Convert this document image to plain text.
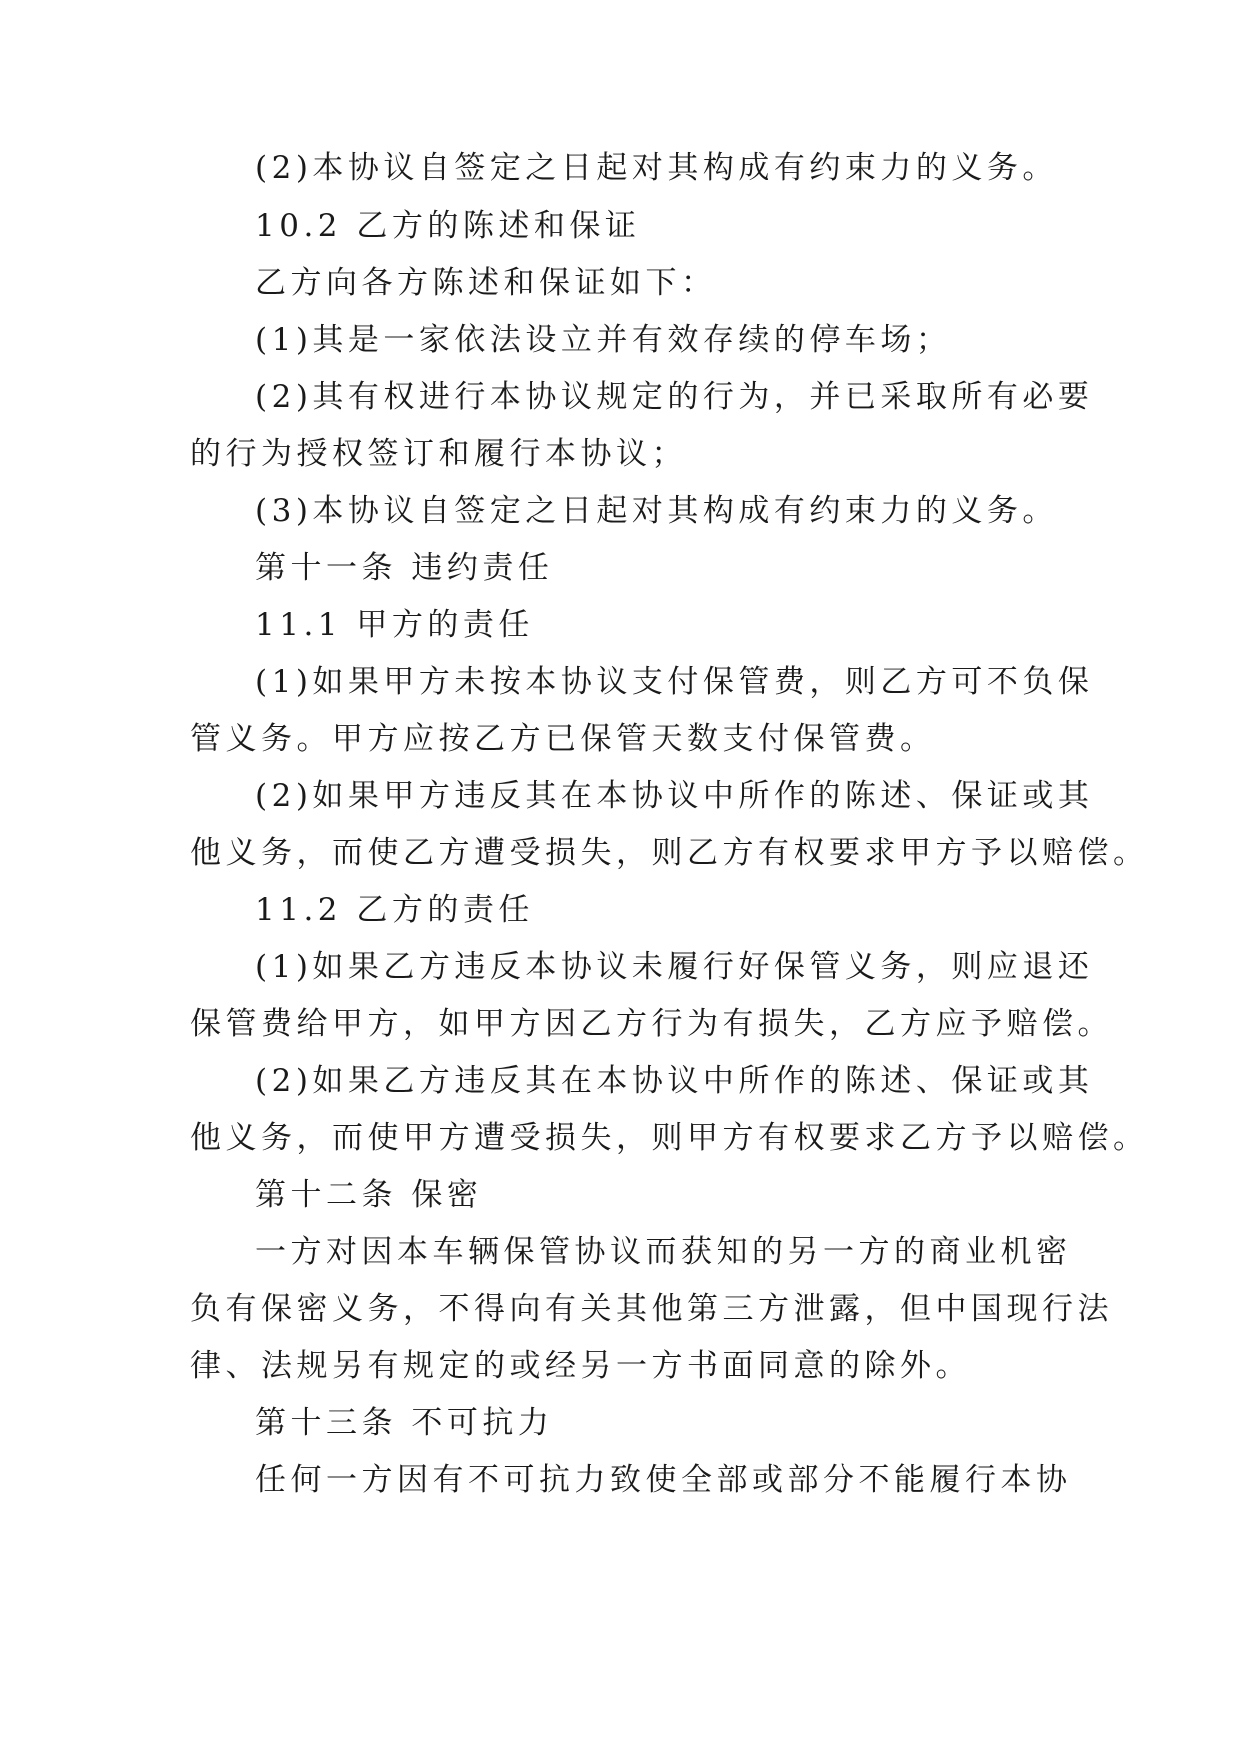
(2)本协议自签定之日起对其构成有约束力的义务。
10.2 乙方的陈述和保证
乙方向各方陈述和保证如下：
(1)其是一家依法设立并有效存续的停车场；
(2)其有权进行本协议规定的行为，并已采取所有必要
的行为授权签订和履行本协议；
(3)本协议自签定之日起对其构成有约束力的义务。
第十一条 违约责任
11.1 甲方的责任
(1)如果甲方未按本协议支付保管费，则乙方可不负保
管义务。甲方应按乙方已保管天数支付保管费。
(2)如果甲方违反其在本协议中所作的陈述、保证或其
他义务，而使乙方遭受损失，则乙方有权要求甲方予以赔偿。
11.2 乙方的责任
(1)如果乙方违反本协议未履行好保管义务，则应退还
保管费给甲方，如甲方因乙方行为有损失，乙方应予赔偿。
(2)如果乙方违反其在本协议中所作的陈述、保证或其
他义务，而使甲方遭受损失，则甲方有权要求乙方予以赔偿。
第十二条 保密
一方对因本车辆保管协议而获知的另一方的商业机密
负有保密义务，不得向有关其他第三方泄露，但中国现行法
律、法规另有规定的或经另一方书面同意的除外。
第十三条 不可抗力
任何一方因有不可抗力致使全部或部分不能履行本协
